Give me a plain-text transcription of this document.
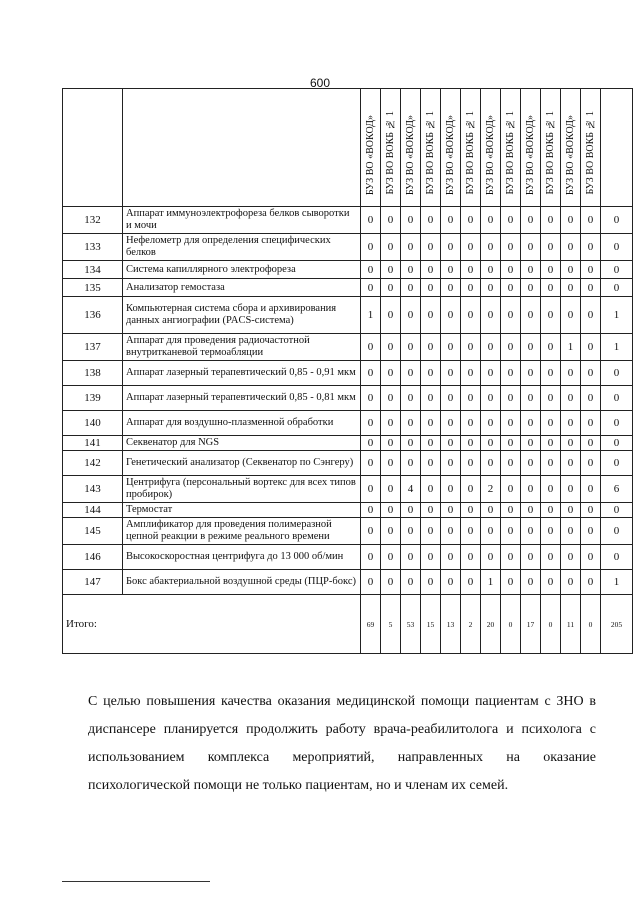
600
		БУЗ ВО «ВОКОД»	БУЗ ВО ВОКБ № 1	БУЗ ВО «ВОКОД»	БУЗ ВО ВОКБ № 1	БУЗ ВО «ВОКОД»	БУЗ ВО ВОКБ № 1	БУЗ ВО «ВОКОД»	БУЗ ВО ВОКБ № 1	БУЗ ВО «ВОКОД»	БУЗ ВО ВОКБ № 1	БУЗ ВО «ВОКОД»	БУЗ ВО ВОКБ № 1	
132	Аппарат иммуноэлектрофореза белков сыворотки и мочи	0	0	0	0	0	0	0	0	0	0	0	0	0
133	Нефелометр для определения специфических белков	0	0	0	0	0	0	0	0	0	0	0	0	0
134	Система капиллярного электрофореза	0	0	0	0	0	0	0	0	0	0	0	0	0
135	Анализатор гемостаза	0	0	0	0	0	0	0	0	0	0	0	0	0
136	Компьютерная система сбора и архивирования данных ангиографии (PACS-система)	1	0	0	0	0	0	0	0	0	0	0	0	1
137	Аппарат для проведения радиочастотной внутритканевой термоабляции	0	0	0	0	0	0	0	0	0	0	1	0	1
138	Аппарат лазерный терапевтический 0,85 - 0,91 мкм	0	0	0	0	0	0	0	0	0	0	0	0	0
139	Аппарат лазерный терапевтический 0,85 - 0,81 мкм	0	0	0	0	0	0	0	0	0	0	0	0	0
140	Аппарат для воздушно-плазменной обработки	0	0	0	0	0	0	0	0	0	0	0	0	0
141	Секвенатор для NGS	0	0	0	0	0	0	0	0	0	0	0	0	0
142	Генетический анализатор (Секвенатор по Сэнгеру)	0	0	0	0	0	0	0	0	0	0	0	0	0
143	Центрифуга (персональный вортекс для всех типов пробирок)	0	0	4	0	0	0	2	0	0	0	0	0	6
144	Термостат	0	0	0	0	0	0	0	0	0	0	0	0	0
145	Амплификатор для проведения полимеразной цепной реакции в режиме реального времени	0	0	0	0	0	0	0	0	0	0	0	0	0
146	Высокоскоростная центрифуга до 13 000 об/мин	0	0	0	0	0	0	0	0	0	0	0	0	0
147	Бокс абактериальной воздушной среды (ПЦР-бокс)	0	0	0	0	0	0	1	0	0	0	0	0	1
Итого:		69	5	53	15	13	2	20	0	17	0	11	0	205
С целью повышения качества оказания медицинской помощи пациентам с ЗНО в диспансере планируется продолжить работу врача-реабилитолога и психолога с использованием комплекса мероприятий, направленных на оказание психологической помощи не только пациентам, но и членам их семей.
